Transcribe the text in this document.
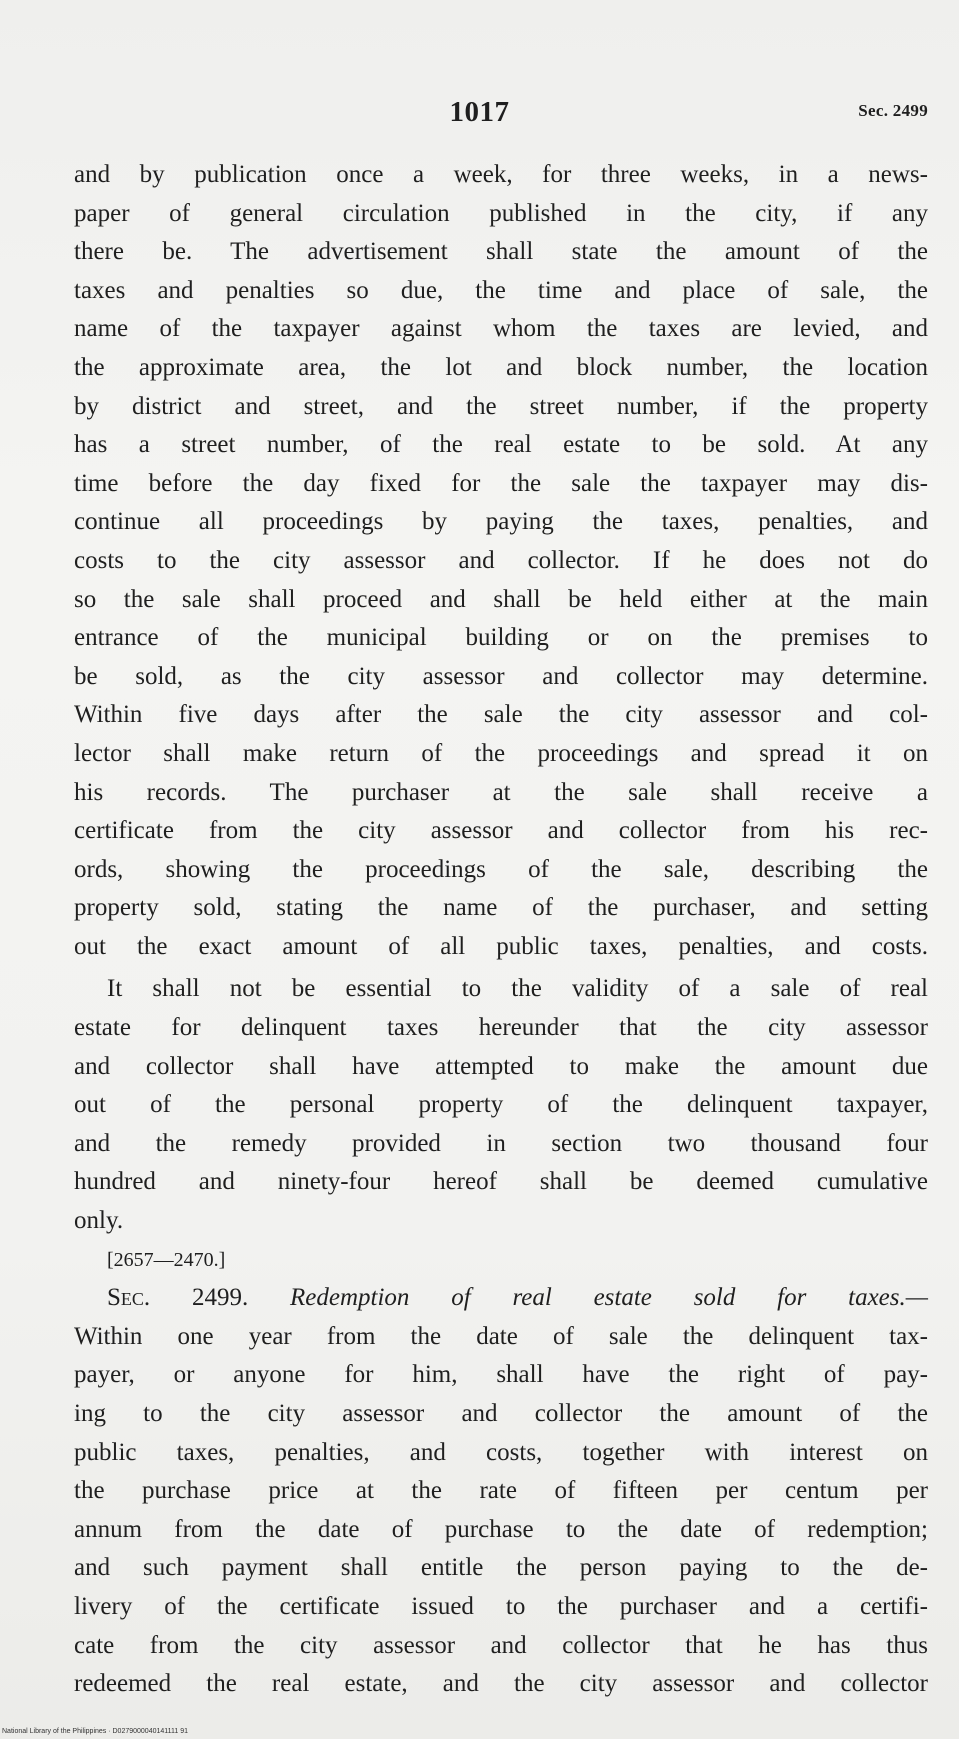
1017	Sec. 2499
and by publication once a week, for three weeks, in a news-
paper of general circulation published in the city, if any
there be. The advertisement shall state the amount of the
taxes and penalties so due, the time and place of sale, the
name of the taxpayer against whom the taxes are levied, and
the approximate area, the lot and block number, the location
by district and street, and the street number, if the property
has a street number, of the real estate to be sold. At any
time before the day fixed for the sale the taxpayer may dis-
continue all proceedings by paying the taxes, penalties, and
costs to the city assessor and collector. If he does not do
so the sale shall proceed and shall be held either at the main
entrance of the municipal building or on the premises to
be sold, as the city assessor and collector may determine.
Within five days after the sale the city assessor and col-
lector shall make return of the proceedings and spread it on
his records. The purchaser at the sale shall receive a
certificate from the city assessor and collector from his rec-
ords, showing the proceedings of the sale, describing the
property sold, stating the name of the purchaser, and setting
out the exact amount of all public taxes, penalties, and costs.
It shall not be essential to the validity of a sale of real
estate for delinquent taxes hereunder that the city assessor
and collector shall have attempted to make the amount due
out of the personal property of the delinquent taxpayer,
and the remedy provided in section two thousand four
hundred and ninety-four hereof shall be deemed cumulative
only.
[2657—2470.]
Sec. 2499. Redemption of real estate sold for taxes.—
Within one year from the date of sale the delinquent tax-
payer, or anyone for him, shall have the right of pay-
ing to the city assessor and collector the amount of the
public taxes, penalties, and costs, together with interest on
the purchase price at the rate of fifteen per centum per
annum from the date of purchase to the date of redemption;
and such payment shall entitle the person paying to the de-
livery of the certificate issued to the purchaser and a certifi-
cate from the city assessor and collector that he has thus
redeemed the real estate, and the city assessor and collector
National Library of the Philippines · D0279000040141111 91
